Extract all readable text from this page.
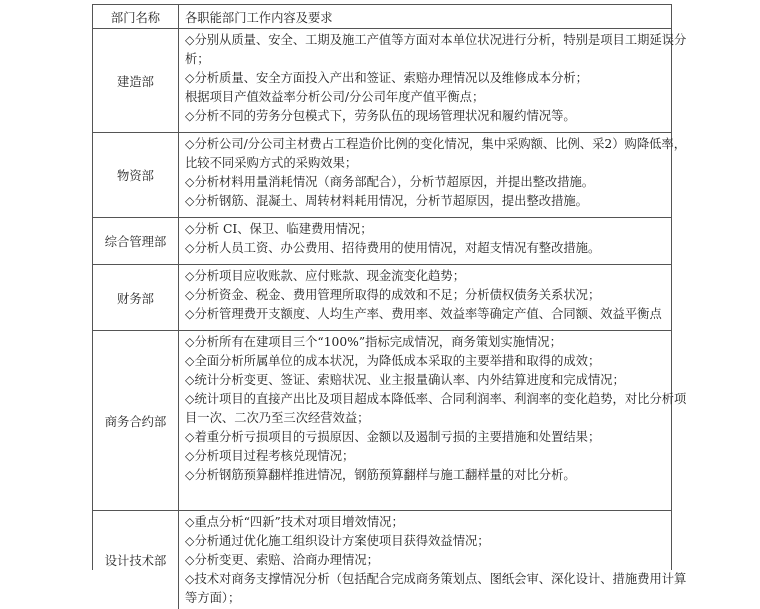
部门名称	各职能部门工作内容及要求
建造部
◇分别从质量、安全、工期及施工产值等方面对本单位状况进行分析，特别是项目工期延误分
析；
◇分析质量、安全方面投入产出和签证、索赔办理情况以及维修成本分析；
根据项目产值效益率分析公司/分公司年度产值平衡点；
◇分析不同的劳务分包模式下，劳务队伍的现场管理状况和履约情况等。
物资部
◇分析公司/分公司主材费占工程造价比例的变化情况，集中采购额、比例、采2）购降低率，
比较不同采购方式的采购效果；
◇分析材料用量消耗情况（商务部配合），分析节超原因，并提出整改措施。
◇分析钢筋、混凝土、周转材料耗用情况，分析节超原因，提出整改措施。
综合管理部
◇分析 CI、保卫、临建费用情况；
◇分析人员工资、办公费用、招待费用的使用情况，对超支情况有整改措施。
财务部
◇分析项目应收账款、应付账款、现金流变化趋势；
◇分析资金、税金、费用管理所取得的成效和不足；分析债权债务关系状况；
◇分析管理费开支额度、人均生产率、费用率、效益率等确定产值、合同额、效益平衡点
商务合约部
◇分析所有在建项目三个“100%”指标完成情况，商务策划实施情况；
◇全面分析所属单位的成本状况，为降低成本采取的主要举措和取得的成效；
◇统计分析变更、签证、索赔状况、业主报量确认率、内外结算进度和完成情况；
◇统计项目的直接产出比及项目超成本降低率、合同利润率、利润率的变化趋势，对比分析项
目一次、二次乃至三次经营效益；
◇着重分析亏损项目的亏损原因、金额以及遏制亏损的主要措施和处置结果；
◇分析项目过程考核兑现情况；
◇分析钢筋预算翻样推进情况，钢筋预算翻样与施工翻样量的对比分析。
设计技术部
◇重点分析“四新”技术对项目增效情况；
◇分析通过优化施工组织设计方案使项目获得效益情况；
◇分析变更、索赔、洽商办理情况；
◇技术对商务支撑情况分析（包括配合完成商务策划点、图纸会审、深化设计、措施费用计算
等方面）；
